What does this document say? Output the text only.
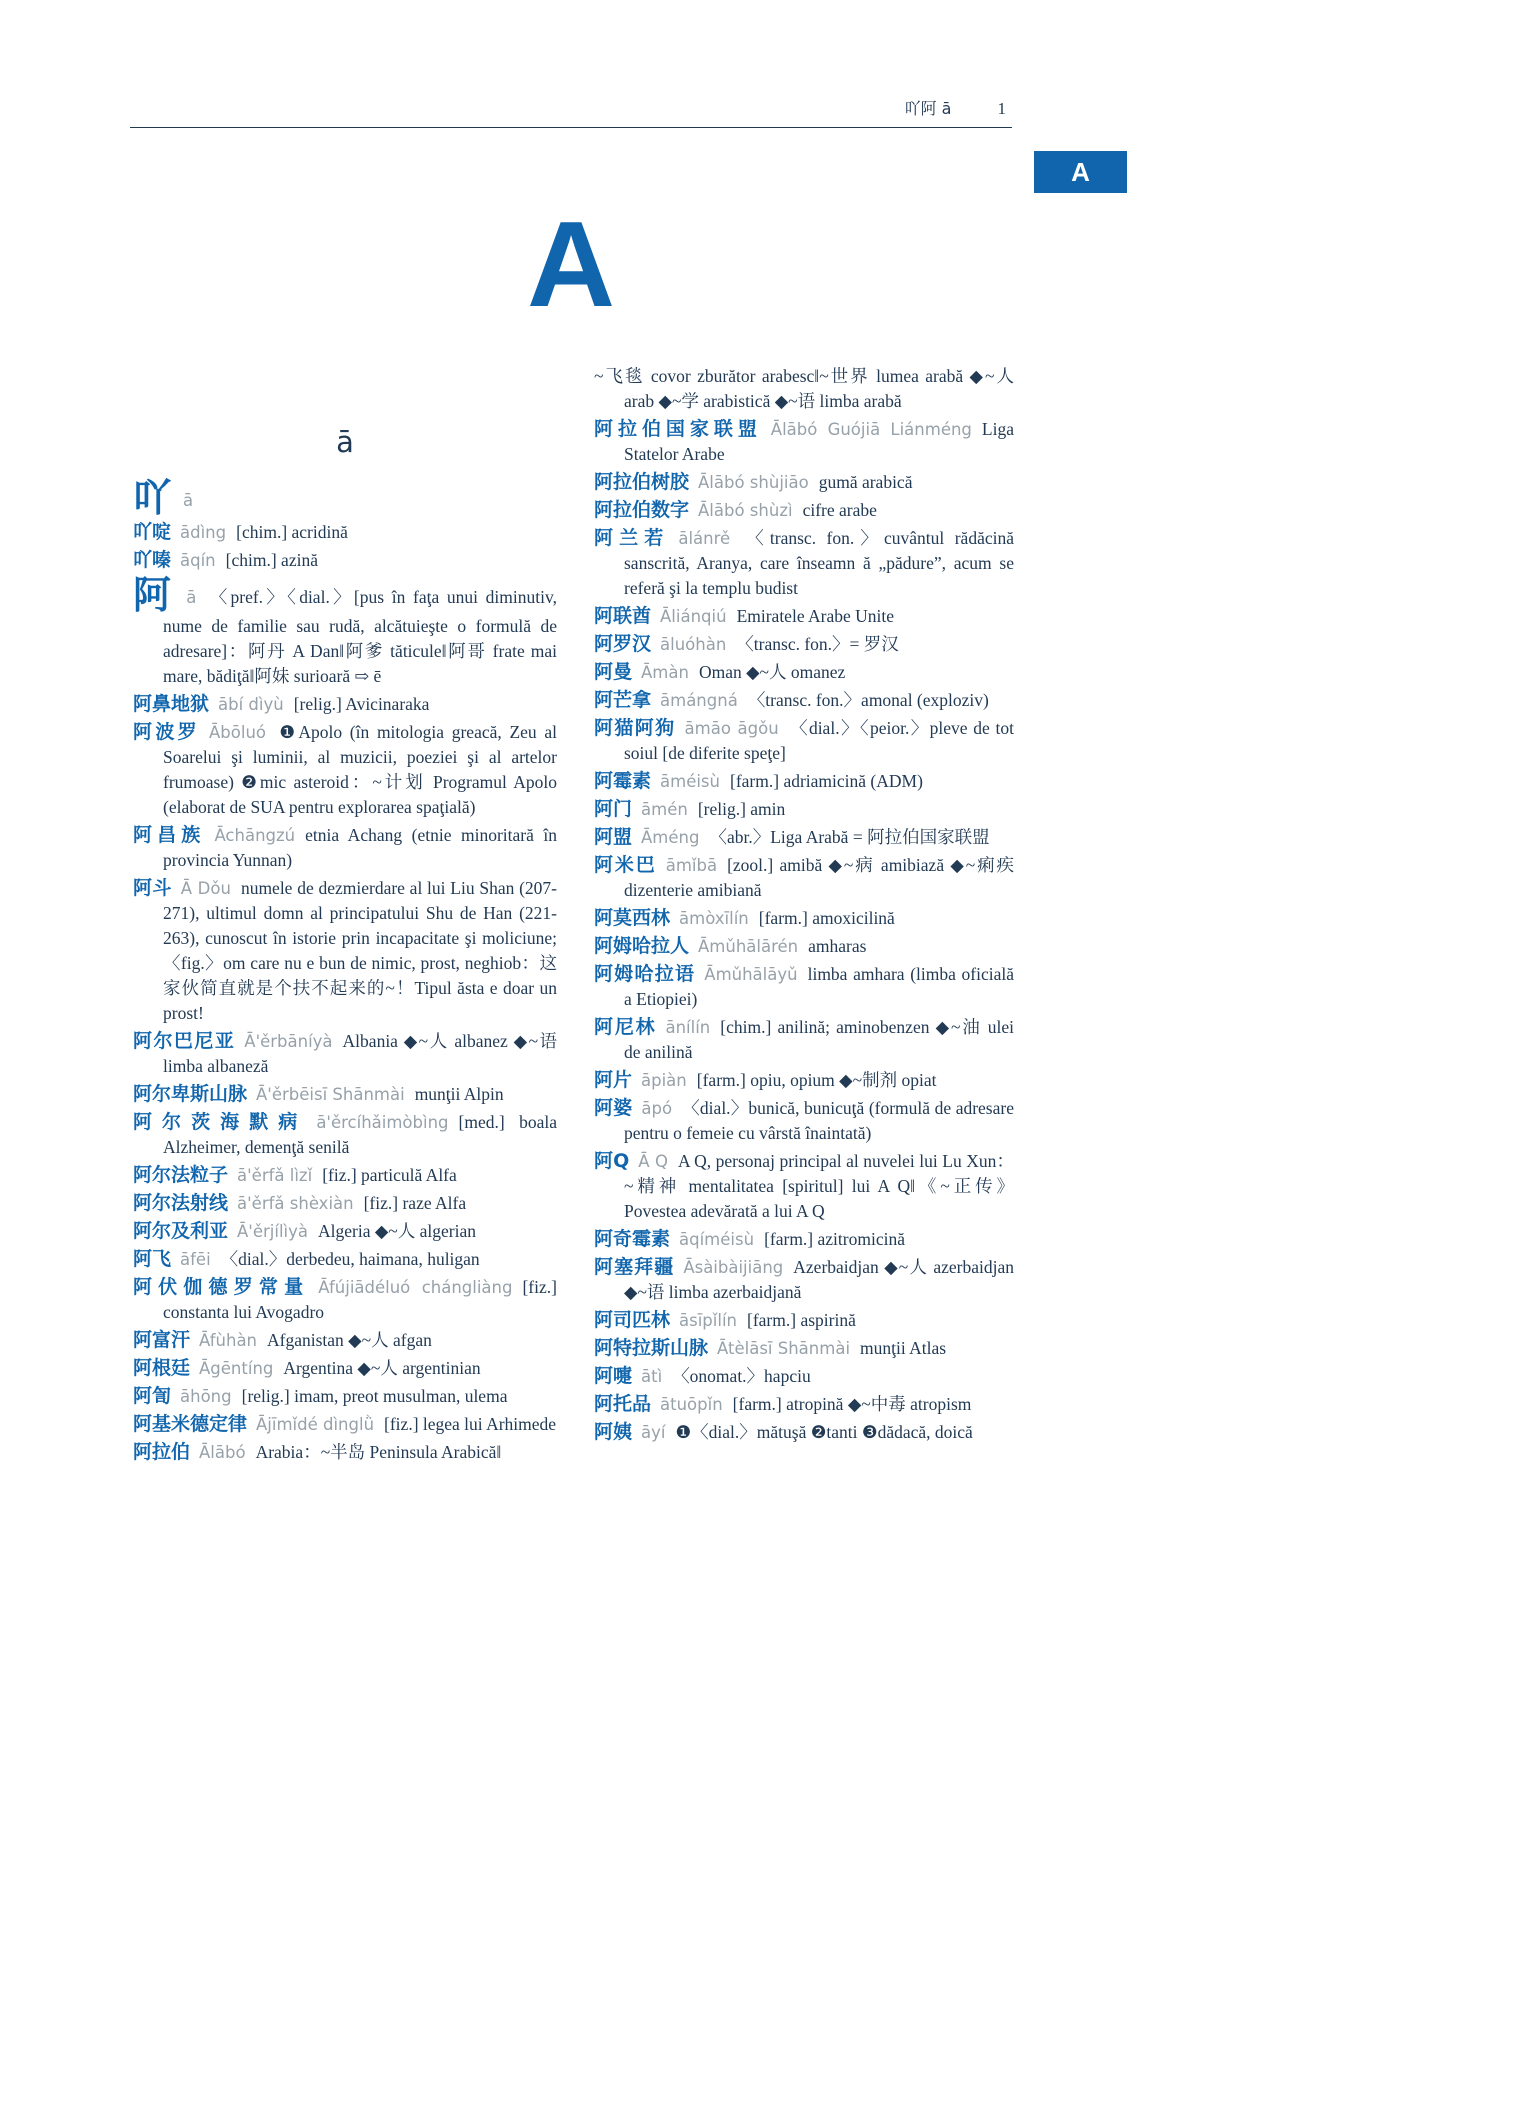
吖阿 ā	1
A
A
ā

吖ā

吖啶 ādìng [chim.] acridină

吖嗪 āqín [chim.] azină

阿ā 〈pref.〉〈dial.〉[pus în faţa unui diminutiv, nume de familie sau rudă, alcătuieşte o formulă de adresare]：阿丹 A Dan‖阿爹 tăticule‖阿哥 frate mai mare, bădiţă‖阿妹 surioară ⇨ ē

阿鼻地狱 ābí dìyù [relig.] Avicinaraka

阿波罗 Ābōluó ❶Apolo (în mitologia greacă, Zeu al Soarelui şi luminii, al muzicii, poeziei şi al artelor frumoase) ❷mic asteroid：~计划 Programul Apolo (elaborat de SUA pentru explorarea spaţială)

阿昌族 Āchāngzú etnia Achang (etnie minoritară în provincia Yunnan)

阿斗 Ā Dǒu numele de dezmierdare al lui Liu Shan (207-271), ultimul domn al principatului Shu de Han (221-263), cunoscut în istorie prin incapacitate şi moliciune; 〈fig.〉om care nu e bun de nimic, prost, neghiob：这家伙简直就是个扶不起来的~！Tipul ăsta e doar un prost!

阿尔巴尼亚 Ā'ěrbāníyà Albania ◆~人 albanez ◆~语 limba albaneză

阿尔卑斯山脉 Ā'ěrbēisī Shānmài munţii Alpin

阿尔茨海默病 ā'ěrcíhǎimòbìng [med.] boala Alzheimer, demenţă senilă

阿尔法粒子 ā'ěrfǎ lìzǐ [fiz.] particulă Alfa

阿尔法射线 ā'ěrfǎ shèxiàn [fiz.] raze Alfa

阿尔及利亚 Ā'ěrjílìyà Algeria ◆~人 algerian

阿飞 āfēi 〈dial.〉derbedeu, haimana, huligan

阿伏伽德罗常量 Āfújiādéluó chángliàng [fiz.] constanta lui Avogadro

阿富汗 Āfùhàn Afganistan ◆~人 afgan

阿根廷 Āgēntíng Argentina ◆~人 argentinian

阿訇 āhōng [relig.] imam, preot musulman, ulema

阿基米德定律 Ājīmǐdé dìnglǜ [fiz.] legea lui Arhimede

阿拉伯 Ālābó Arabia：~半岛 Peninsula Arabică‖

~飞毯 covor zburător arabesc‖~世界 lumea arabă ◆~人 arab ◆~学 arabistică ◆~语 limba arabă

阿拉伯国家联盟 Ālābó Guójiā Liánméng Liga Statelor Arabe

阿拉伯树胶 Ālābó shùjiāo gumă arabică

阿拉伯数字 Ālābó shùzì cifre arabe

阿兰若 ālánrě 〈transc. fon.〉cuvântul rădăcină sanscrită, Aranya, care înseamn ă „pădure”, acum se referă şi la templu budist

阿联酋 Āliánqiú Emiratele Arabe Unite

阿罗汉 āluóhàn 〈transc. fon.〉= 罗汉

阿曼 Āmàn Oman ◆~人 omanez

阿芒拿 āmángná 〈transc. fon.〉amonal (exploziv)

阿猫阿狗 āmāo āgǒu 〈dial.〉〈peior.〉pleve de tot soiul [de diferite speţe]

阿霉素 āméisù [farm.] adriamicină (ADM)

阿门 āmén [relig.] amin

阿盟 Āméng 〈abr.〉Liga Arabă = 阿拉伯国家联盟

阿米巴 āmǐbā [zool.] amibă ◆~病 amibiază ◆~痢疾 dizenterie amibiană

阿莫西林 āmòxīlín [farm.] amoxicilină

阿姆哈拉人 Āmǔhālārén amharas

阿姆哈拉语 Āmǔhālāyǔ limba amhara (limba oficială a Etiopiei)

阿尼林 ānílín [chim.] anilină; aminobenzen ◆~油 ulei de anilină

阿片 āpiàn [farm.] opiu, opium ◆~制剂 opiat

阿婆 āpó 〈dial.〉bunică, bunicuţă (formulă de adresare pentru o femeie cu vârstă înaintată)

阿Q Ā Q A Q, personaj principal al nuvelei lui Lu Xun：~精神 mentalitatea [spiritul] lui A Q‖《~正传》Povestea adevărată a lui A Q

阿奇霉素 āqíméisù [farm.] azitromicină

阿塞拜疆 Āsàibàijiāng Azerbaidjan ◆~人 azerbaidjan ◆~语 limba azerbaidjană

阿司匹林 āsīpǐlín [farm.] aspirină

阿特拉斯山脉 Ātèlāsī Shānmài munţii Atlas

阿嚏 ātì 〈onomat.〉hapciu

阿托品 ātuōpǐn [farm.] atropină ◆~中毒 atropism

阿姨 āyí ❶〈dial.〉mătuşă ❷tanti ❸dădacă, doică
